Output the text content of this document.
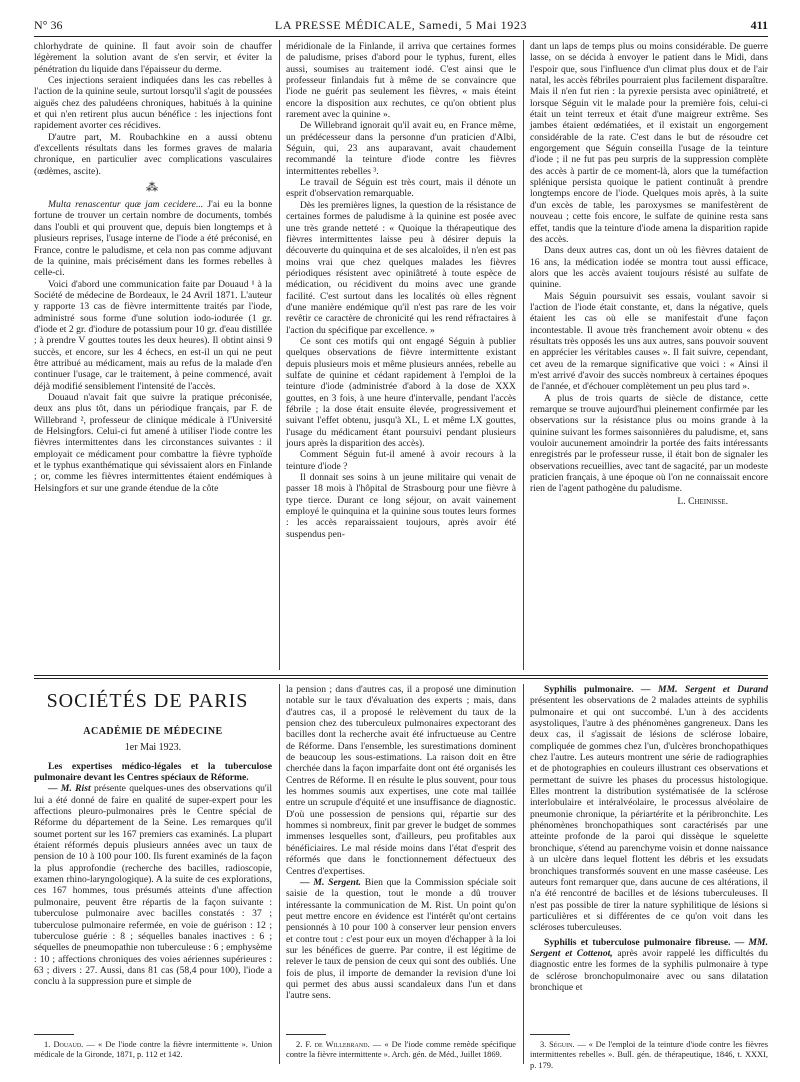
N° 36	LA PRESSE MÉDICALE, Samedi, 5 Mai 1923	411

chlorhydrate de quinine. Il faut avoir soin de chauffer légèrement la solution avant de s'en servir, et éviter la pénétration du liquide dans l'épaisseur du derme.

Ces injections seraient indiquées dans les cas rebelles à l'action de la quinine seule, surtout lorsqu'il s'agit de poussées aiguës chez des paludéens chroniques, habitués à la quinine et qui n'en retirent plus aucun bénéfice : les injections font rapidement avorter ces récidives.

D'autre part, M. Roubachkine en a aussi obtenu d'excellents résultats dans les formes graves de malaria chronique, en particulier avec complications vasculaires (œdèmes, ascite).

⁂

Multa renascentur quæ jam cecidere... J'ai eu la bonne fortune de trouver un certain nombre de documents, tombés dans l'oubli et qui prouvent que, depuis bien longtemps et à plusieurs reprises, l'usage interne de l'iode a été préconisé, en France, contre le paludisme, et cela non pas comme adjuvant de la quinine, mais précisément dans les formes rebelles à celle-ci.

Voici d'abord une communication faite par Douaud ¹ à la Société de médecine de Bordeaux, le 24 Avril 1871. L'auteur y rapporte 13 cas de fièvre intermittente traités par l'iode, administré sous forme d'une solution iodo-iodurée (1 gr. d'iode et 2 gr. d'iodure de potassium pour 10 gr. d'eau distillée ; à prendre V gouttes toutes les deux heures). Il obtint ainsi 9 succès, et encore, sur les 4 échecs, en est-il un qui ne peut être attribué au médicament, mais au refus de la malade d'en continuer l'usage, car le traitement, à peine commencé, avait déjà modifié sensiblement l'intensité de l'accès.

Douaud n'avait fait que suivre la pratique préconisée, deux ans plus tôt, dans un périodique français, par F. de Willebrand ², professeur de clinique médicale à l'Université de Helsingfors. Celui-ci fut amené à utiliser l'iode contre les fièvres intermittentes dans les circonstances suivantes : il employait ce médicament pour combattre la fièvre typhoïde et le typhus exanthématique qui sévissaient alors en Finlande ; or, comme les fièvres intermittentes étaient endémiques à Helsingfors et sur une grande étendue de la côte

méridionale de la Finlande, il arriva que certaines formes de paludisme, prises d'abord pour le typhus, furent, elles aussi, soumises au traitement iodé. C'est ainsi que le professeur finlandais fut à même de se convaincre que l'iode ne guérit pas seulement les fièvres, « mais éteint encore la disposition aux rechutes, ce qu'on obtient plus rarement avec la quinine ».

De Willebrand ignorait qu'il avait eu, en France même, un prédécesseur dans la personne d'un praticien d'Albi, Séguin, qui, 23 ans auparavant, avait chaudement recommandé la teinture d'iode contre les fièvres intermittentes rebelles ³.

Le travail de Séguin est très court, mais il dénote un esprit d'observation remarquable.

Dès les premières lignes, la question de la résistance de certaines formes de paludisme à la quinine est posée avec une très grande netteté : « Quoique la thérapeutique des fièvres intermittentes laisse peu à désirer depuis la découverte du quinquina et de ses alcaloïdes, il n'en est pas moins vrai que chez quelques malades les fièvres périodiques résistent avec opiniâtreté à toute espèce de médication, ou récidivent du moins avec une grande facilité. C'est surtout dans les localités où elles règnent d'une manière endémique qu'il n'est pas rare de les voir revêtir ce caractère de chronicité qui les rend réfractaires à l'action du spécifique par excellence. »

Ce sont ces motifs qui ont engagé Séguin à publier quelques observations de fièvre intermittente existant depuis plusieurs mois et même plusieurs années, rebelle au sulfate de quinine et cédant rapidement à l'emploi de la teinture d'iode (administrée d'abord à la dose de XXX gouttes, en 3 fois, à une heure d'intervalle, pendant l'accès fébrile ; la dose était ensuite élevée, progressivement et suivant l'effet obtenu, jusqu'à XL, L et même LX gouttes, l'usage du médicament étant poursuivi pendant plusieurs jours après la disparition des accès).

Comment Séguin fut-il amené à avoir recours à la teinture d'iode ?

Il donnait ses soins à un jeune militaire qui venait de passer 18 mois à l'hôpital de Strasbourg pour une fièvre à type tierce. Durant ce long séjour, on avait vainement employé le quinquina et la quinine sous toutes leurs formes : les accès reparaissaient toujours, après avoir été suspendus pen-

dant un laps de temps plus ou moins considérable. De guerre lasse, on se décida à envoyer le patient dans le Midi, dans l'espoir que, sous l'influence d'un climat plus doux et de l'air natal, les accès fébriles pourraient plus facilement disparaître. Mais il n'en fut rien : la pyrexie persista avec opiniâtreté, et lorsque Séguin vit le malade pour la première fois, celui-ci était un teint terreux et était d'une maigreur extrême. Ses jambes étaient œdématiées, et il existait un engorgement considérable de la rate. C'est dans le but de résoudre cet engorgement que Séguin conseilla l'usage de la teinture d'iode ; il ne fut pas peu surpris de la suppression complète des accès à partir de ce moment-là, alors que la tuméfaction splénique persista quoique le patient continuât à prendre longtemps encore de l'iode. Quelques mois après, à la suite d'un excès de table, les paroxysmes se manifestèrent de nouveau ; cette fois encore, le sulfate de quinine resta sans effet, tandis que la teinture d'iode amena la disparition rapide des accès.

Dans deux autres cas, dont un où les fièvres dataient de 16 ans, la médication iodée se montra tout aussi efficace, alors que les accès avaient toujours résisté au sulfate de quinine.

Mais Séguin poursuivit ses essais, voulant savoir si l'action de l'iode était constante, et, dans la négative, quels étaient les cas où elle se manifestait d'une façon incontestable. Il avoue très franchement avoir obtenu « des résultats très opposés les uns aux autres, sans pouvoir souvent en apprécier les véritables causes ». Il fait suivre, cependant, cet aveu de la remarque significative que voici : « Ainsi il m'est arrivé d'avoir des succès nombreux à certaines époques de l'année, et d'échouer complètement un peu plus tard ».

A plus de trois quarts de siècle de distance, cette remarque se trouve aujourd'hui pleinement confirmée par les observations sur la résistance plus ou moins grande à la quinine suivant les formes saisonnières du paludisme, et, sans vouloir aucunement amoindrir la portée des faits intéressants enregistrés par le professeur russe, il était bon de signaler les observations recueillies, avec tant de sagacité, par un modeste praticien français, à une époque où l'on ne connaissait encore rien de l'agent pathogène du paludisme.

L. Cheinisse.
SOCIÉTÉS DE PARIS
ACADÉMIE DE MÉDECINE
1er Mai 1923.

Les expertises médico-légales et la tuberculose pulmonaire devant les Centres spéciaux de Réforme.

— M. Rist présente quelques-unes des observations qu'il lui a été donné de faire en qualité de super-expert pour les affections pleuro-pulmonaires près le Centre spécial de Réforme du département de la Seine. Les remarques qu'il soumet portent sur les 167 premiers cas examinés. La plupart étaient réformés depuis plusieurs années avec un taux de pension de 10 à 100 pour 100. Ils furent examinés de la façon la plus approfondie (recherche des bacilles, radioscopie, examen rhino-laryngologique). A la suite de ces explorations, ces 167 hommes, tous présumés atteints d'une affection pulmonaire, peuvent être répartis de la façon suivante : tuberculose pulmonaire avec bacilles constatés : 37 ; tuberculose pulmonaire refermée, en voie de guérison : 12 ; tuberculose guérie : 8 ; séquelles banales inactives : 6 ; séquelles de pneumopathie non tuberculeuse : 6 ; emphysème : 10 ; affections chroniques des voies aériennes supérieures : 63 ; divers : 27. Aussi, dans 81 cas (58,4 pour 100), l'iode a conclu à la suppression pure et simple de

la pension ; dans d'autres cas, il a proposé une diminution notable sur le taux d'évaluation des experts ; mais, dans d'autres cas, il a proposé le relèvement du taux de la pension chez des tuberculeux pulmonaires expectorant des bacilles dont la recherche avait été infructueuse au Centre de Réforme. Dans l'ensemble, les surestimations dominent de beaucoup les sous-estimations. La raison doit en être cherchée dans la façon imparfaite dont ont été organisés les Centres de Réforme. Il en résulte le plus souvent, pour tous les hommes soumis aux expertises, une cote mal taillée entre un scrupule d'équité et une insuffisance de diagnostic. D'où une possession de pensions qui, répartie sur des hommes si nombreux, finit par grever le budget de sommes immenses lesquelles sont, d'ailleurs, peu profitables aux bénéficiaires. Le mal réside moins dans l'état d'esprit des réformés que dans le fonctionnement défectueux des Centres d'expertises.

— M. Sergent. Bien que la Commission spéciale soit saisie de la question, tout le monde a dû trouver intéressante la communication de M. Rist. Un point qu'on peut mettre encore en évidence est l'intérêt qu'ont certains pensionnés à 10 pour 100 à conserver leur pension envers et contre tout : c'est pour eux un moyen d'échapper à la loi sur les bénéfices de guerre. Par contre, il est légitime de relever le taux de pension de ceux qui sont des oubliés. Une fois de plus, il importe de demander la revision d'une loi qui permet des abus aussi scandaleux dans l'un et dans l'autre sens.

Syphilis pulmonaire. — MM. Sergent et Durand présentent les observations de 2 malades atteints de syphilis pulmonaire et qui ont succombé. L'un à des accidents asystoliques, l'autre à des phénomènes gangreneux. Dans les deux cas, il s'agissait de lésions de sclérose lobaire, compliquée de gommes chez l'un, d'ulcères bronchopathiques chez l'autre. Les auteurs montrent une série de radiographies et de photographies en couleurs illustrant ces observations et permettant de suivre les phases du processus histologique. Elles montrent la distribution systématisée de la sclérose interlobulaire et intéralvéolaire, le processus alvéolaire de pneumonie chronique, la périartérite et la péribronchite. Les phénomènes bronchopathiques sont caractérisés par une atteinte profonde de la paroi qui dissèque le squelette bronchique, s'étend au parenchyme voisin et donne naissance à un ulcère dans lequel flottent les débris et les exsudats bronchiques transformés souvent en une masse caséeuse. Les auteurs font remarquer que, dans aucune de ces altérations, il n'a été rencontré de bacilles et de lésions tuberculeuses. Il n'est pas possible de tirer la nature syphilitique de lésions si particulières et si différentes de ce qu'on voit dans les scléroses tuberculeuses.

Syphilis et tuberculose pulmonaire fibreuse. — MM. Sergent et Cottenot, après avoir rappelé les difficultés du diagnostic entre les formes de la syphilis pulmonaire à type de sclérose bronchopulmonaire avec ou sans dilatation bronchique et

1. Douaud. — « De l'iode contre la fièvre intermittente ». Union médicale de la Gironde, 1871, p. 112 et 142.

2. F. de Willebrand. — « De l'iode comme remède spécifique contre la fièvre intermittente ». Arch. gén. de Méd., Juillet 1869.

3. Séguin. — « De l'emploi de la teinture d'iode contre les fièvres intermittentes rebelles ». Bull. gén. de thérapeutique, 1846, t. XXXI, p. 179.
